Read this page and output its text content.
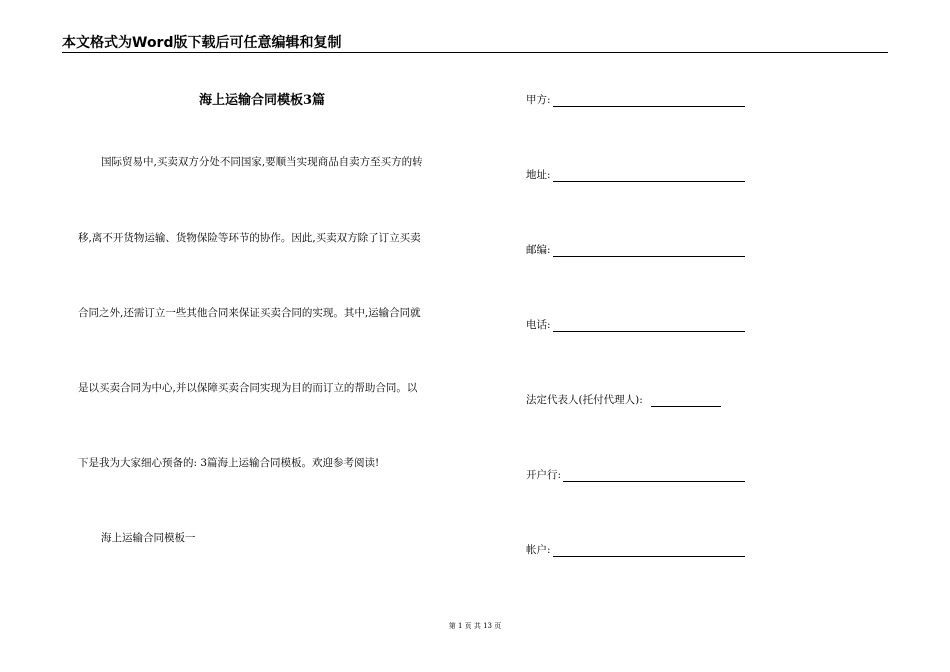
本文格式为Word版下载后可任意编辑和复制
海上运输合同模板3篇
国际贸易中,买卖双方分处不同国家,要顺当实现商品自卖方至买方的转
移,离不开货物运输、货物保险等环节的协作。因此,买卖双方除了订立买卖
合同之外,还需订立一些其他合同来保证买卖合同的实现。其中,运输合同就
是以买卖合同为中心,并以保障买卖合同实现为目的而订立的帮助合同。以
下是我为大家细心预备的: 3篇海上运输合同模板。欢迎参考阅读!
海上运输合同模板一
甲方:
地址:
邮编:
电话:
法定代表人(托付代理人):
开户行:
帐户:
第 1 页 共 13 页
